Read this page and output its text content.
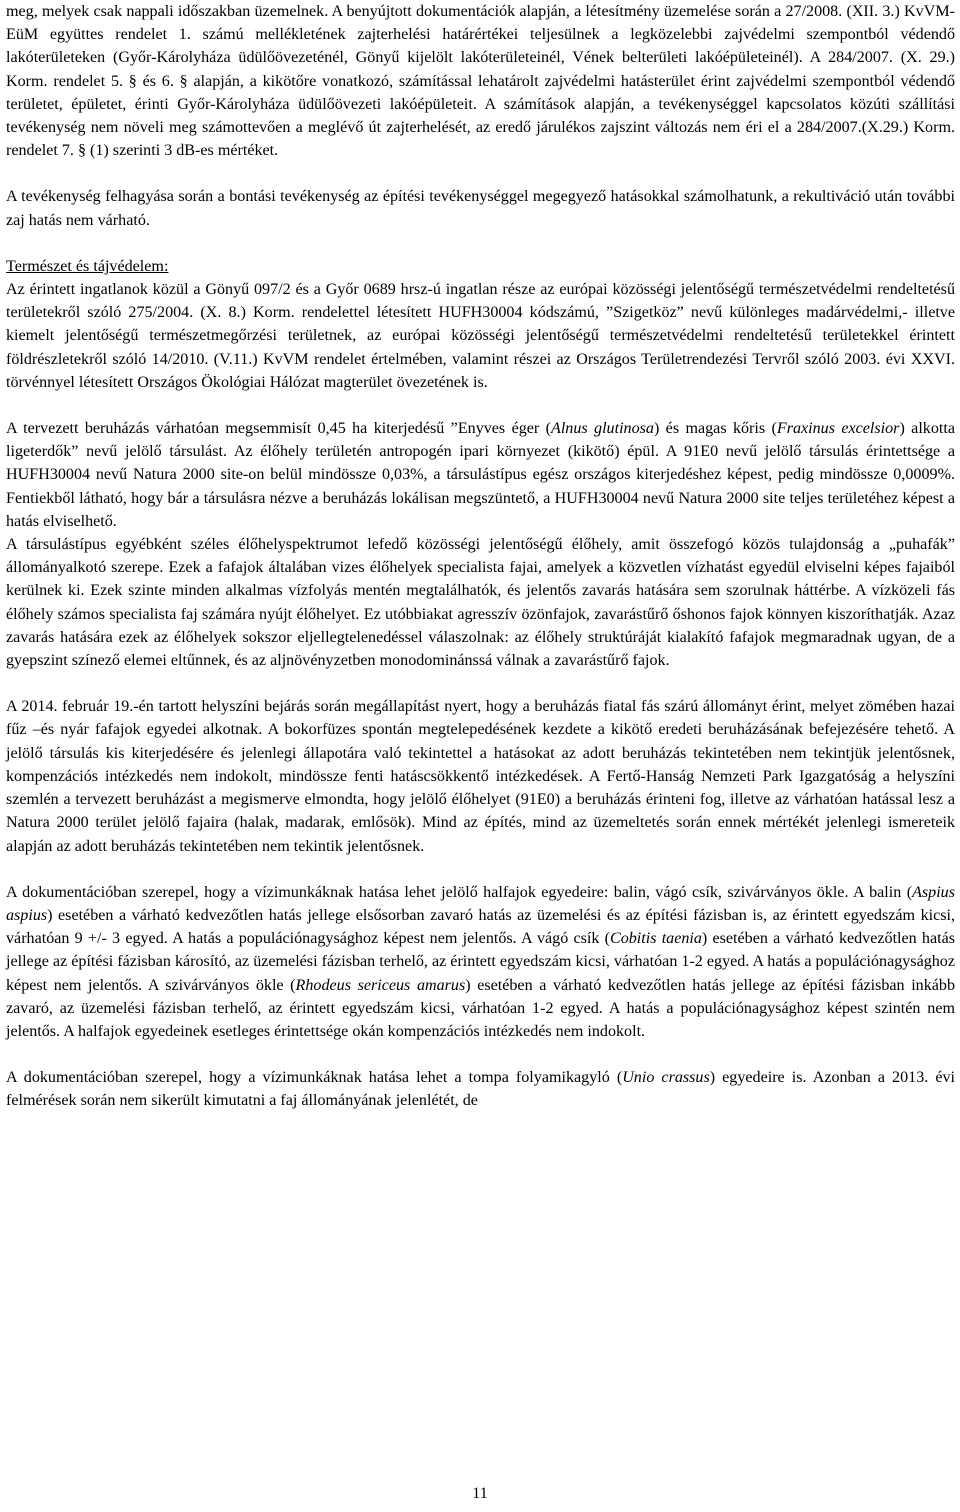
meg, melyek csak nappali időszakban üzemelnek. A benyújtott dokumentációk alapján, a létesítmény üzemelése során a 27/2008. (XII. 3.) KvVM-EüM együttes rendelet 1. számú mellékletének zajterhelési határértékei teljesülnek a legközelebbi zajvédelmi szempontból védendő lakóterületeken (Győr-Károlyháza üdülőövezeténél, Gönyű kijelölt lakóterületeinél, Vének belterületi lakóépületeinél). A 284/2007. (X. 29.) Korm. rendelet 5. § és 6. § alapján, a kikötőre vonatkozó, számítással lehatárolt zajvédelmi hatásterület érint zajvédelmi szempontból védendő területet, épületet, érinti Győr-Károlyháza üdülőövezeti lakóépületeit. A számítások alapján, a tevékenységgel kapcsolatos közúti szállítási tevékenység nem növeli meg számottevően a meglévő út zajterhelését, az eredő járulékos zajszint változás nem éri el a 284/2007.(X.29.) Korm. rendelet 7. § (1) szerinti 3 dB-es mértéket.

A tevékenység felhagyása során a bontási tevékenység az építési tevékenységgel megegyező hatásokkal számolhatunk, a rekultiváció után további zaj hatás nem várható.

Természet és tájvédelem:

Az érintett ingatlanok közül a Gönyű 097/2 és a Győr 0689 hrsz-ú ingatlan része az európai közösségi jelentőségű természetvédelmi rendeltetésű területekről szóló 275/2004. (X. 8.) Korm. rendelettel létesített HUFH30004 kódszámú, ”Szigetköz” nevű különleges madárvédelmi,- illetve kiemelt jelentőségű természetmegőrzési területnek, az európai közösségi jelentőségű természetvédelmi rendeltetésű területekkel érintett földrészletekről szóló 14/2010. (V.11.) KvVM rendelet értelmében, valamint részei az Országos Területrendezési Tervről szóló 2003. évi XXVI. törvénnyel létesített Országos Ökológiai Hálózat magterület övezetének is.

A tervezett beruházás várhatóan megsemmisít 0,45 ha kiterjedésű ”Enyves éger (Alnus glutinosa) és magas kőris (Fraxinus excelsior) alkotta ligeterdők” nevű jelölő társulást. Az élőhely területén antropogén ipari környezet (kikötő) épül. A 91E0 nevű jelölő társulás érintettsége a HUFH30004 nevű Natura 2000 site-on belül mindössze 0,03%, a társulástípus egész országos kiterjedéshez képest, pedig mindössze 0,0009%. Fentiekből látható, hogy bár a társulásra nézve a beruházás lokálisan megszüntető, a HUFH30004 nevű Natura 2000 site teljes területéhez képest a hatás elviselhető.

A társulástípus egyébként széles élőhelyspektrumot lefedő közösségi jelentőségű élőhely, amit összefogó közös tulajdonság a „puhafák” állományalkotó szerepe. Ezek a fafajok általában vizes élőhelyek specialista fajai, amelyek a közvetlen vízhatást egyedül elviselni képes fajaiból kerülnek ki. Ezek szinte minden alkalmas vízfolyás mentén megtalálhatók, és jelentős zavarás hatására sem szorulnak háttérbe. A vízközeli fás élőhely számos specialista faj számára nyújt élőhelyet. Ez utóbbiakat agresszív özönfajok, zavarástűrő őshonos fajok könnyen kiszoríthatják. Azaz zavarás hatására ezek az élőhelyek sokszor eljellegtelenedéssel válaszolnak: az élőhely struktúráját kialakító fafajok megmaradnak ugyan, de a gyepszint színező elemei eltűnnek, és az aljnövényzetben monodominánssá válnak a zavarástűrő fajok.

A 2014. február 19.-én tartott helyszíni bejárás során megállapítást nyert, hogy a beruházás fiatal fás szárú állományt érint, melyet zömében hazai fűz –és nyár fafajok egyedei alkotnak. A bokorfüzes spontán megtelepedésének kezdete a kikötő eredeti beruházásának befejezésére tehető. A jelölő társulás kis kiterjedésére és jelenlegi állapotára való tekintettel a hatásokat az adott beruházás tekintetében nem tekintjük jelentősnek, kompenzációs intézkedés nem indokolt, mindössze fenti hatáscsökkentő intézkedések. A Fertő-Hanság Nemzeti Park Igazgatóság a helyszíni szemlén a tervezett beruházást a megismerve elmondta, hogy jelölő élőhelyet (91E0) a beruházás érinteni fog, illetve az várhatóan hatással lesz a Natura 2000 terület jelölő fajaira (halak, madarak, emlősök). Mind az építés, mind az üzemeltetés során ennek mértékét jelenlegi ismereteik alapján az adott beruházás tekintetében nem tekintik jelentősnek.

A dokumentációban szerepel, hogy a vízimunkáknak hatása lehet jelölő halfajok egyedeire: balin, vágó csík, szivárványos ökle. A balin (Aspius aspius) esetében a várható kedvezőtlen hatás jellege elsősorban zavaró hatás az üzemelési és az építési fázisban is, az érintett egyedszám kicsi, várhatóan 9 +/- 3 egyed. A hatás a populációnagysághoz képest nem jelentős. A vágó csík (Cobitis taenia) esetében a várható kedvezőtlen hatás jellege az építési fázisban károsító, az üzemelési fázisban terhelő, az érintett egyedszám kicsi, várhatóan 1-2 egyed. A hatás a populációnagysághoz képest nem jelentős. A szivárványos ökle (Rhodeus sericeus amarus) esetében a várható kedvezőtlen hatás jellege az építési fázisban inkább zavaró, az üzemelési fázisban terhelő, az érintett egyedszám kicsi, várhatóan 1-2 egyed. A hatás a populációnagysághoz képest szintén nem jelentős. A halfajok egyedeinek esetleges érintettsége okán kompenzációs intézkedés nem indokolt.

A dokumentációban szerepel, hogy a vízimunkáknak hatása lehet a tompa folyamikagyló (Unio crassus) egyedeire is. Azonban a 2013. évi felmérések során nem sikerült kimutatni a faj állományának jelenlétét, de

11
